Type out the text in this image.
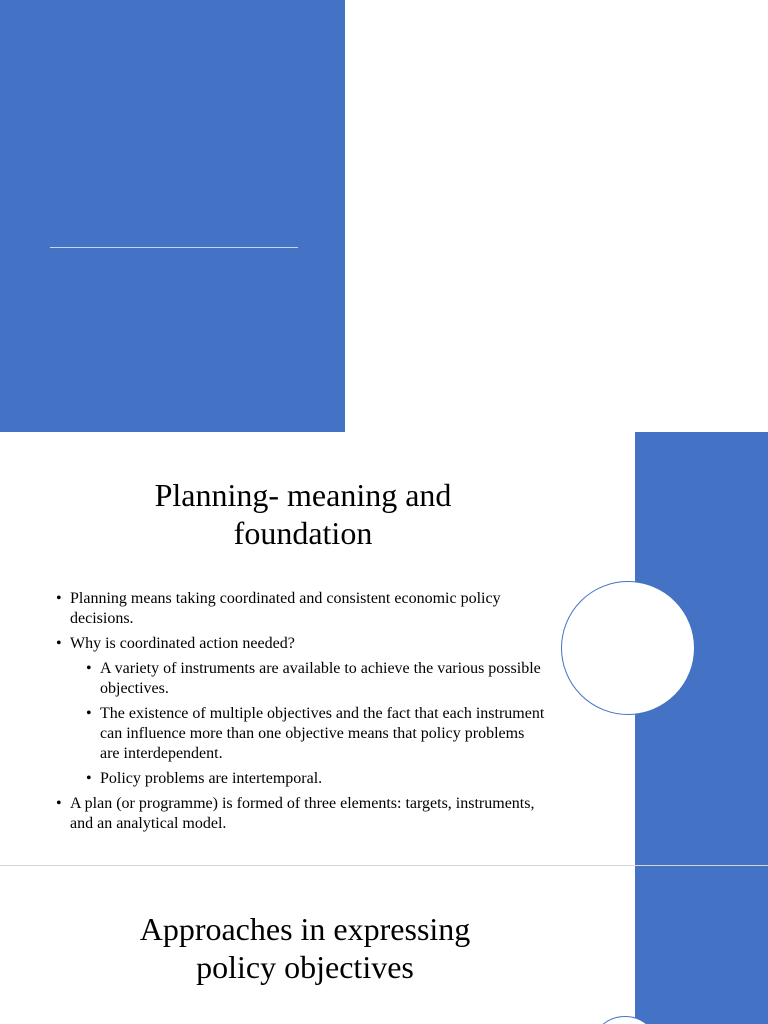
Lecture 3
Normative
theory of
economic policy
Economic Policy Analysis
Planning- meaning and
foundation
• Planning means taking coordinated and consistent economic policy decisions.
• Why is coordinated action needed?
• A variety of instruments are available to achieve the various possible objectives.
• The existence of multiple objectives and the fact that each instrument can influence more than one objective means that policy problems are interdependent.
• Policy problems are intertemporal.
• A plan (or programme) is formed of three elements: targets, instruments, and an analytical model.
Approaches in expressing
policy objectives
